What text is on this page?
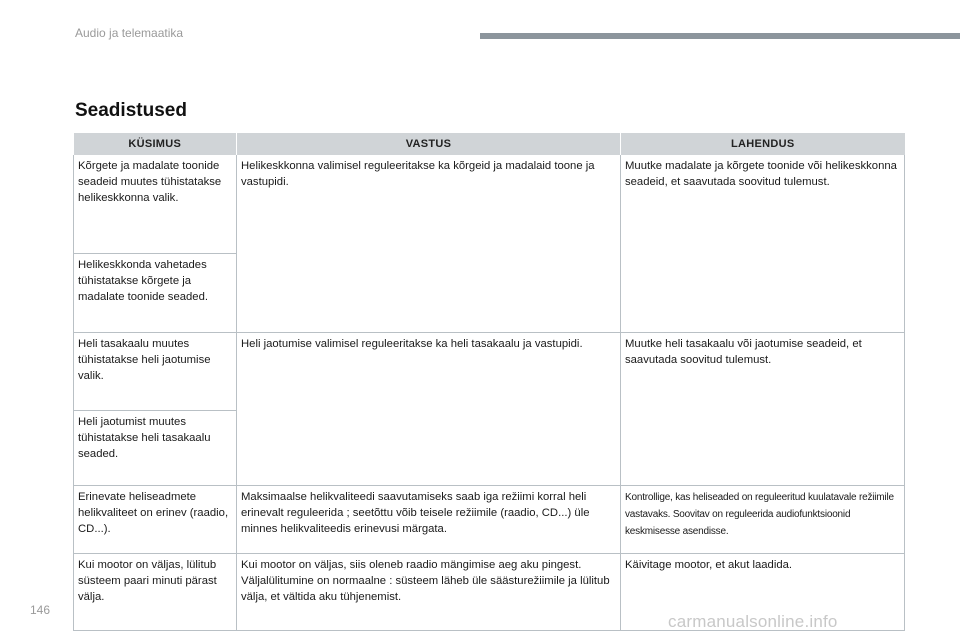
Audio ja telemaatika
Seadistused
KÜSIMUS	VASTUS	LAHENDUS
Kõrgete ja madalate toonide seadeid muutes tühistatakse helikeskkonna valik.	Helikeskkonna valimisel reguleeritakse ka kõrgeid ja madalaid toone ja vastupidi.	Muutke madalate ja kõrgete toonide või helikeskkonna seadeid, et saavutada soovitud tulemust.
Helikeskkonda vahetades tühistatakse kõrgete ja madalate toonide seaded.		
Heli tasakaalu muutes tühistatakse heli jaotumise valik.	Heli jaotumise valimisel reguleeritakse ka heli tasakaalu ja vastupidi.	Muutke heli tasakaalu või jaotumise seadeid, et saavutada soovitud tulemust.
Heli jaotumist muutes tühistatakse heli tasakaalu seaded.		
Erinevate heliseadmete helikvaliteet on erinev (raadio, CD...).	Maksimaalse helikvaliteedi saavutamiseks saab iga režiimi korral heli erinevalt reguleerida ; seetõttu võib teisele režiimile (raadio, CD...) üle minnes helikvaliteedis erinevusi märgata.	Kontrollige, kas heliseaded on reguleeritud kuulatavale režiimile vastavaks. Soovitav on reguleerida audiofunktsioonid keskmisesse asendisse.
Kui mootor on väljas, lülitub süsteem paari minuti pärast välja.	Kui mootor on väljas, siis oleneb raadio mängimise aeg aku pingest. Väljalülitumine on normaalne : süsteem läheb üle säästurežiimile ja lülitub välja, et vältida aku tühjenemist.	Käivitage mootor, et akut laadida.
146
carmanualsonline.info
